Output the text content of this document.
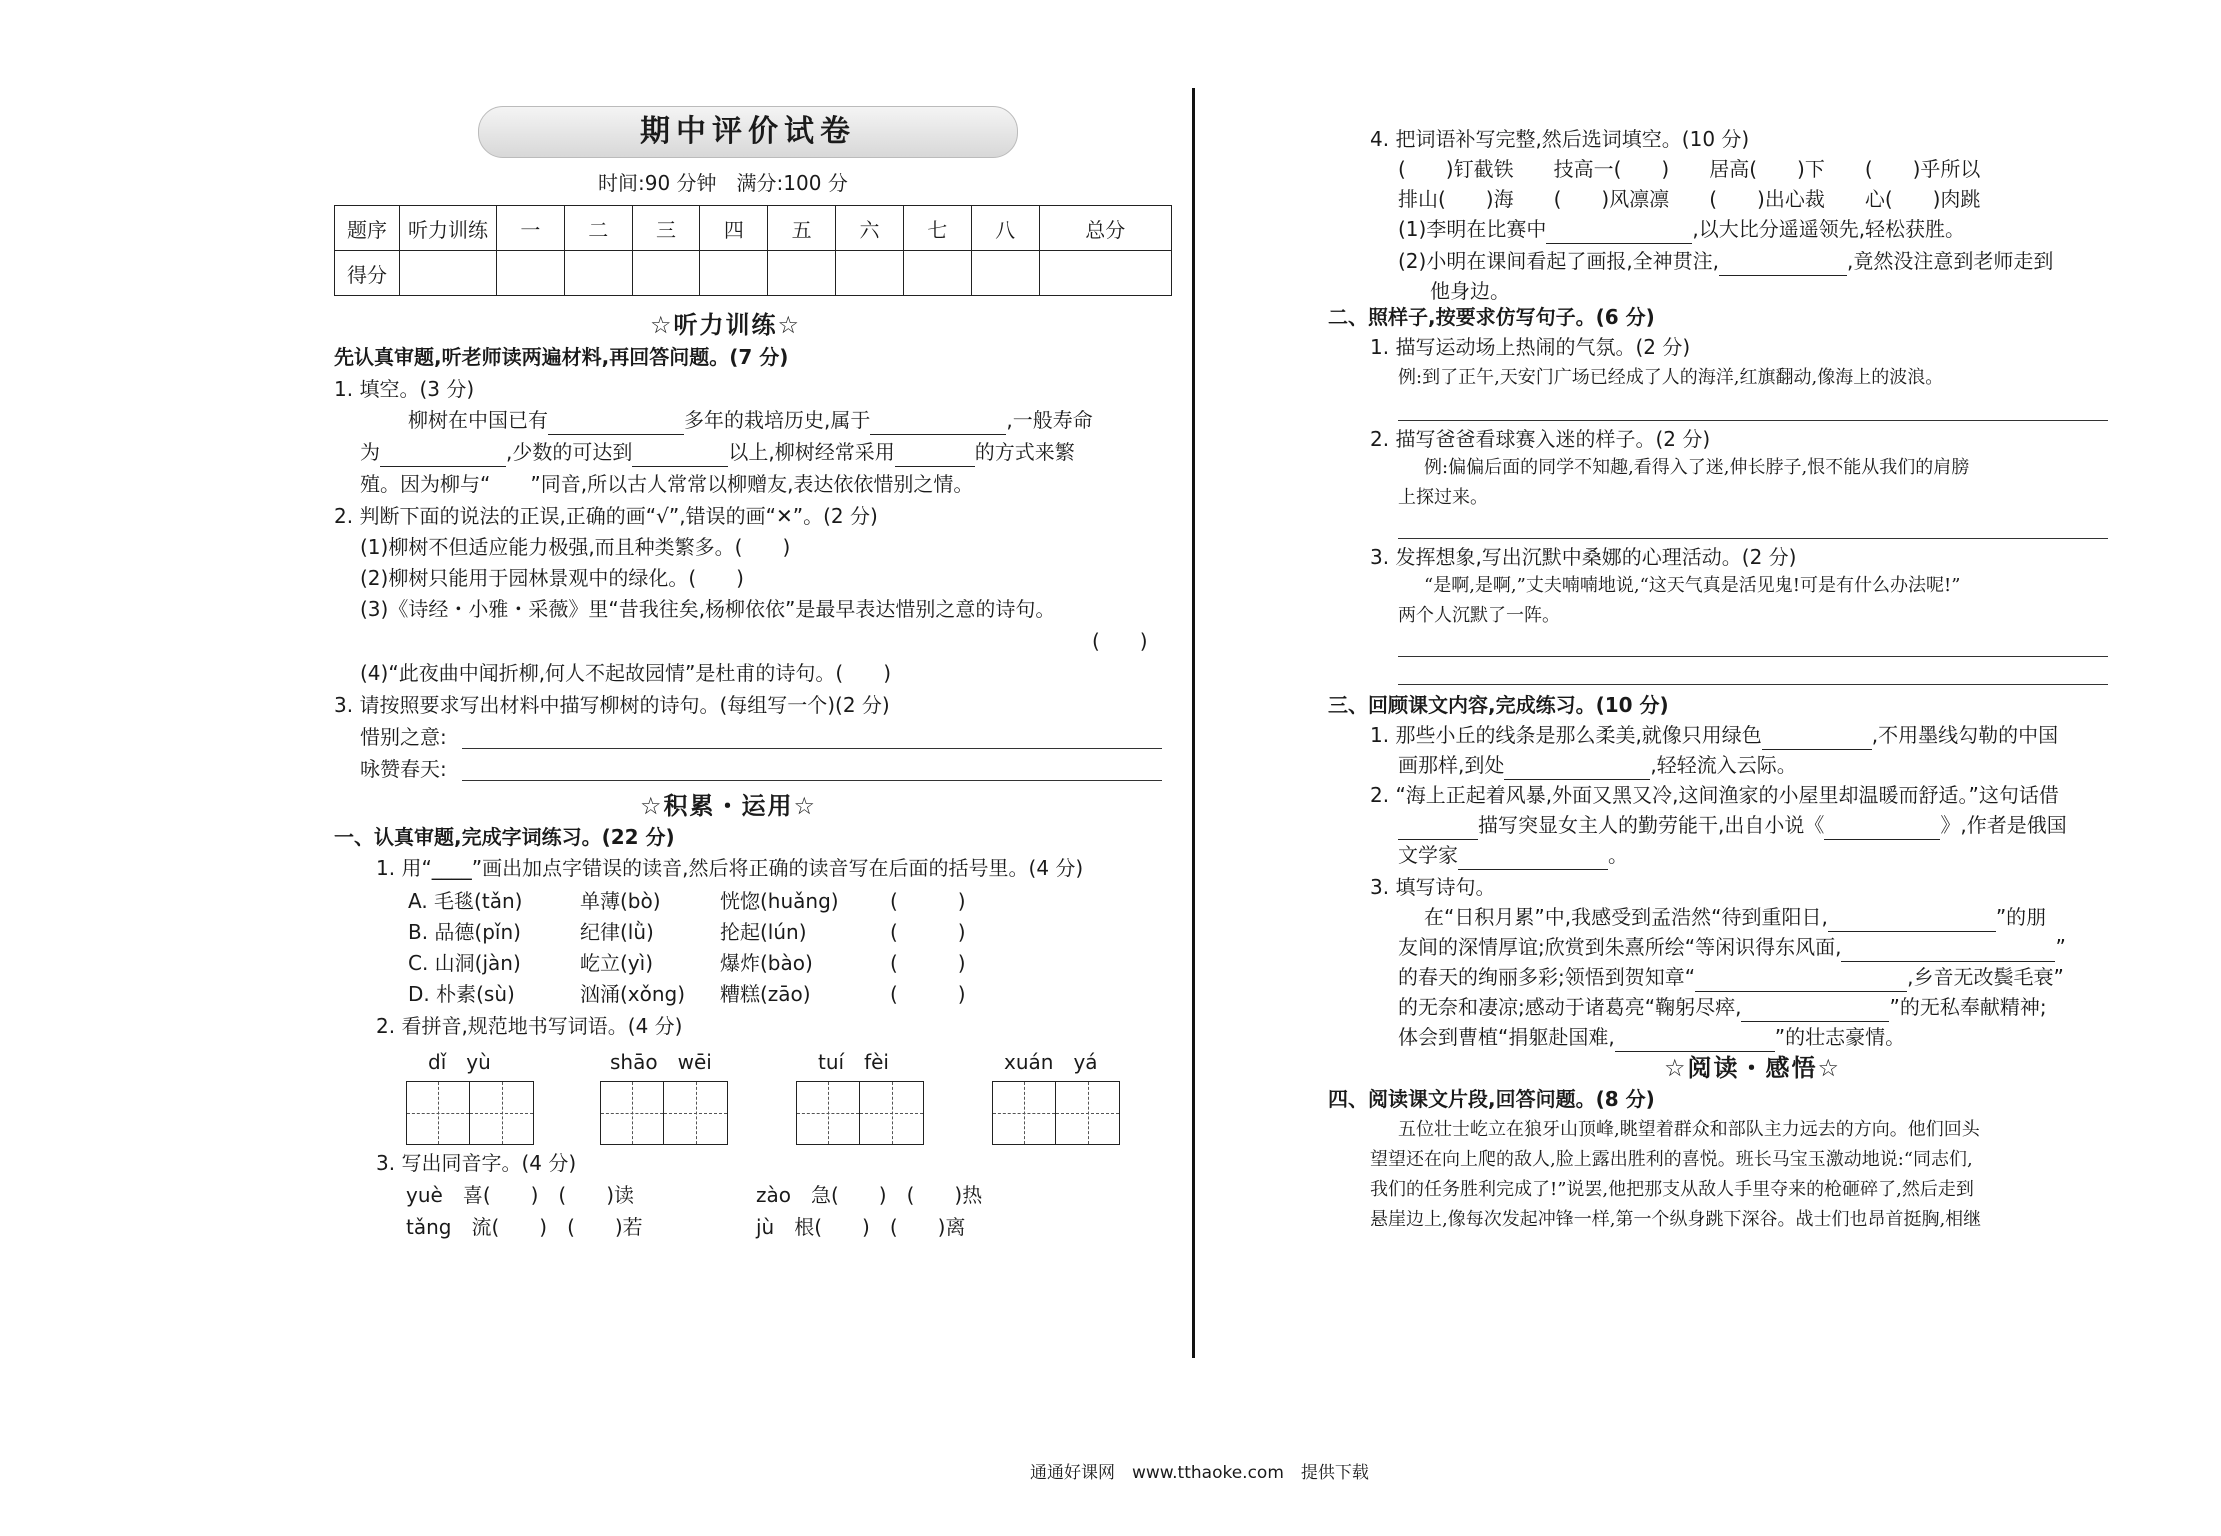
期中评价试卷
时间:90 分钟　满分:100 分
题序	听力训练	一	二	三	四	五	六	七	八	总分
得分										
☆听力训练☆
先认真审题,听老师读两遍材料,再回答问题。(7 分)
1. 填空。(3 分)
柳树在中国已有	多年的栽培历史,属于	,一般寿命
为	,少数的可达到	以上,柳树经常采用	的方式来繁
殖。因为柳与“　　”同音,所以古人常常以柳赠友,表达依依惜别之情。
2. 判断下面的说法的正误,正确的画“√”,错误的画“✕”。(2 分)
(1)柳树不但适应能力极强,而且种类繁多。(　　)
(2)柳树只能用于园林景观中的绿化。(　　)
(3)《诗经・小雅・采薇》里“昔我往矣,杨柳依依”是最早表达惜别之意的诗句。
(　　)
(4)“此夜曲中闻折柳,何人不起故园情”是杜甫的诗句。(　　)
3. 请按照要求写出材料中描写柳树的诗句。(每组写一个)(2 分)
惜别之意:
咏赞春天:
☆积累・运用☆
一、认真审题,完成字词练习。(22 分)
1. 用“____”画出加点字错误的读音,然后将正确的读音写在后面的括号里。(4 分)
A. 毛毯(tǎn)	单薄(bò)	恍惚(huǎng)	(　　　)
B. 品德(pǐn)	纪律(lǜ)	抡起(lún)	(　　　)
C. 山洞(jàn)	屹立(yì)	爆炸(bào)	(　　　)
D. 朴素(sù)	汹涌(xǒng) 糟糕(zāo)	(　　　)
2. 看拼音,规范地书写词语。(4 分)
dǐ　yù	shāo　wēi	tuí　fèi	xuán　yá
3. 写出同音字。(4 分)
yuè　喜(　　)　(　　)读	zào　急(　　)　(　　)热
tǎng　流(　　)　(　　)若	jù　根(　　)　(　　)离
4. 把词语补写完整,然后选词填空。(10 分)
(　　)钉截铁　　技高一(　　)　　居高(　　)下　　(　　)乎所以
排山(　　)海　　(　　)风凛凛　　(　　)出心裁　　心(　　)肉跳
(1)李明在比赛中	,以大比分遥遥领先,轻松获胜。
(2)小明在课间看起了画报,全神贯注,	,竟然没注意到老师走到
他身边。
二、照样子,按要求仿写句子。(6 分)
1. 描写运动场上热闹的气氛。(2 分)
例:到了正午,天安门广场已经成了人的海洋,红旗翻动,像海上的波浪。
2. 描写爸爸看球赛入迷的样子。(2 分)
例:偏偏后面的同学不知趣,看得入了迷,伸长脖子,恨不能从我们的肩膀
上探过来。
3. 发挥想象,写出沉默中桑娜的心理活动。(2 分)
“是啊,是啊,”丈夫喃喃地说,“这天气真是活见鬼!可是有什么办法呢!”
两个人沉默了一阵。
三、回顾课文内容,完成练习。(10 分)
1. 那些小丘的线条是那么柔美,就像只用绿色	,不用墨线勾勒的中国
画那样,到处	,轻轻流入云际。
2. “海上正起着风暴,外面又黑又冷,这间渔家的小屋里却温暖而舒适。”这句话借
描写突显女主人的勤劳能干,出自小说《	》,作者是俄国
文学家	。
3. 填写诗句。
在“日积月累”中,我感受到孟浩然“待到重阳日,	”的朋
友间的深情厚谊;欣赏到朱熹所绘“等闲识得东风面,	”
的春天的绚丽多彩;领悟到贺知章“	,乡音无改鬓毛衰”
的无奈和凄凉;感动于诸葛亮“鞠躬尽瘁,	”的无私奉献精神;
体会到曹植“捐躯赴国难,	”的壮志豪情。
☆阅读・感悟☆
四、阅读课文片段,回答问题。(8 分)
五位壮士屹立在狼牙山顶峰,眺望着群众和部队主力远去的方向。他们回头
望望还在向上爬的敌人,脸上露出胜利的喜悦。班长马宝玉激动地说:“同志们,
我们的任务胜利完成了!”说罢,他把那支从敌人手里夺来的枪砸碎了,然后走到
悬崖边上,像每次发起冲锋一样,第一个纵身跳下深谷。战士们也昂首挺胸,相继
通通好课网　www.tthaoke.com　提供下载
